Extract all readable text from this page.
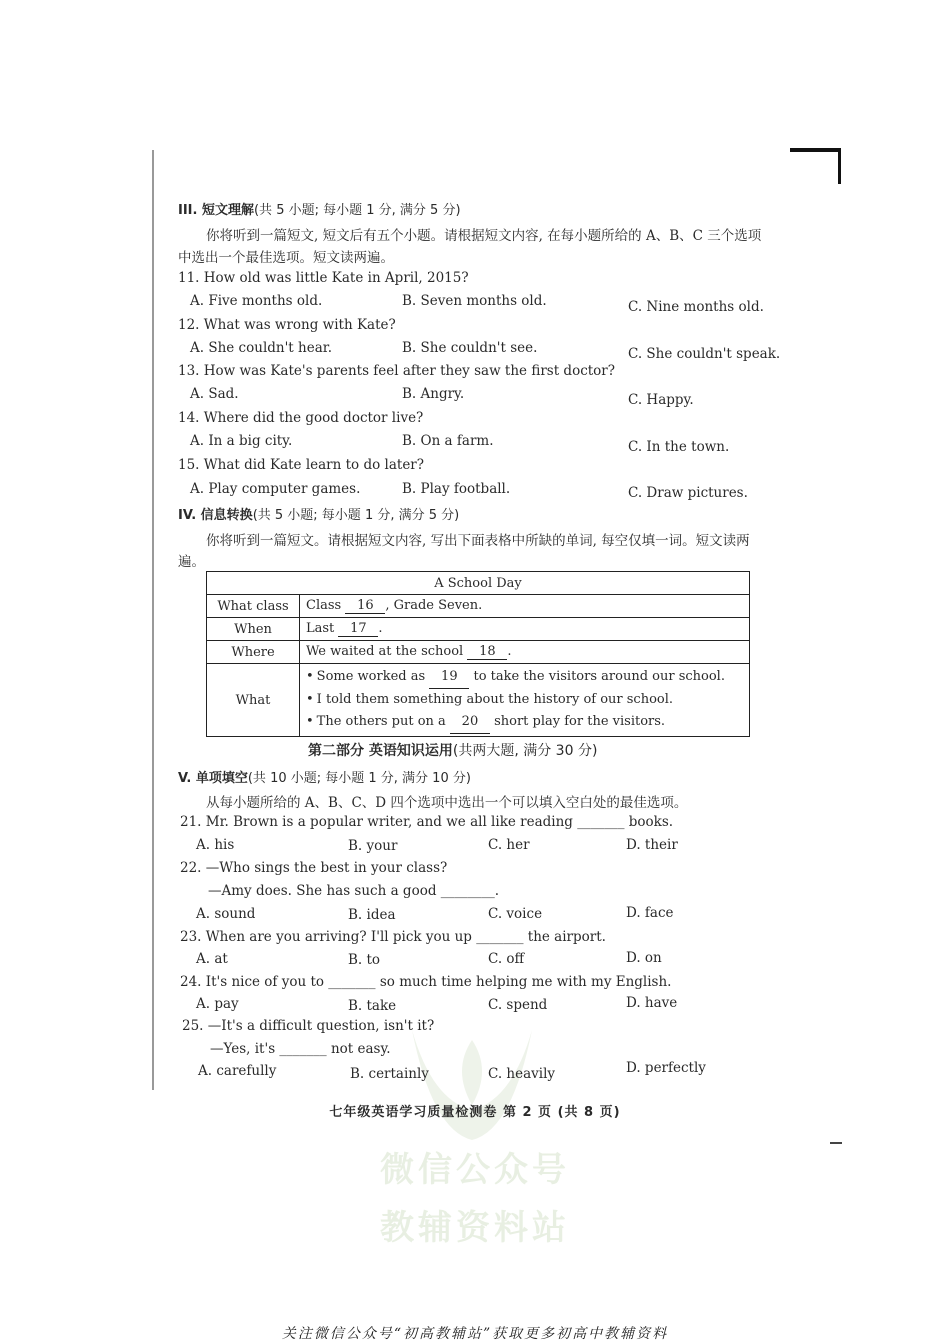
微信公众号
教辅资料站
III. 短文理解(共 5 小题; 每小题 1 分, 满分 5 分)
你将听到一篇短文, 短文后有五个小题。请根据短文内容, 在每小题所给的 A、B、C 三个选项
中选出一个最佳选项。短文读两遍。
11. How old was little Kate in April, 2015?
A. Five months old.	B. Seven months old.	C. Nine months old.
12. What was wrong with Kate?
A. She couldn't hear.	B. She couldn't see.	C. She couldn't speak.
13. How was Kate's parents feel after they saw the first doctor?
A. Sad.	B. Angry.	C. Happy.
14. Where did the good doctor live?
A. In a big city.	B. On a farm.	C. In the town.
15. What did Kate learn to do later?
A. Play computer games.	B. Play football.	C. Draw pictures.
IV. 信息转换(共 5 小题; 每小题 1 分, 满分 5 分)
你将听到一篇短文。请根据短文内容, 写出下面表格中所缺的单词, 每空仅填一词。短文读两
遍。
A School Day	
What class	Class 16 , Grade Seven.
When	Last 17 .
Where	We waited at the school 18 .
What	• Some worked as 19 to take the visitors around our school.
• I told them something about the history of our school.
• The others put on a 20 short play for the visitors.
第二部分 英语知识运用(共两大题, 满分 30 分)
V. 单项填空(共 10 小题; 每小题 1 分, 满分 10 分)
从每小题所给的 A、B、C、D 四个选项中选出一个可以填入空白处的最佳选项。
21. Mr. Brown is a popular writer, and we all like reading _______ books.
A. his	B. your	C. her	D. their
22. —Who sings the best in your class?
—Amy does. She has such a good ________.
A. sound	B. idea	C. voice	D. face
23. When are you arriving? I'll pick you up _______ the airport.
A. at	B. to	C. off	D. on
24. It's nice of you to _______ so much time helping me with my English.
A. pay	B. take	C. spend	D. have
25. —It's a difficult question, isn't it?
—Yes, it's _______ not easy.
A. carefully	B. certainly	C. heavily	D. perfectly
七年级英语学习质量检测卷 第 2 页 (共 8 页)
关注微信公众号“初高教辅站”获取更多初高中教辅资料
